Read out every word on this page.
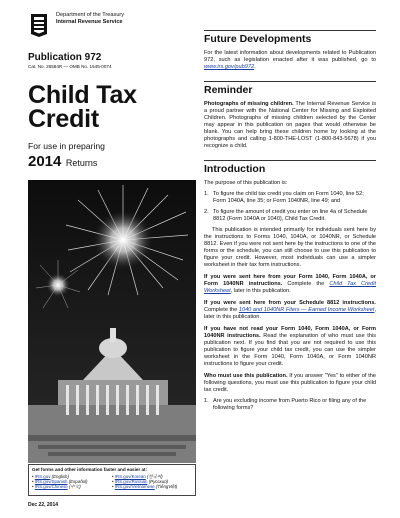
Department of the Treasury
Internal Revenue Service
Publication 972
Cat. No. 26584R — OMB No. 1545-0074
Child Tax
Credit
For use in preparing
2014 Returns
Get forms and other information faster and easier at:
• IRS.gov (English)	• IRS.gov/Korean (한국어)
• IRS.gov/Spanish (Español)	• IRS.gov/Russian (Pусский)
• IRS.gov/Chinese (中文)	• IRS.gov/Vietnamese (TiếngViệt)
Dec 22, 2014
Future Developments
For the latest information about developments related to Publication 972, such as legislation enacted after it was published, go to www.irs.gov/pub972.
Reminder
Photographs of missing children. The Internal Revenue Service is a proud partner with the National Center for Missing and Exploited Children. Photographs of missing children selected by the Center may appear in this publication on pages that would otherwise be blank. You can help bring these children home by looking at the photographs and calling 1-800-THE-LOST (1-800-843-5678) if you recognize a child.
Introduction
The purpose of this publication is:
1. To figure the child tax credit you claim on Form 1040, line 52; Form 1040A, line 35; or Form 1040NR, line 49; and
2. To figure the amount of credit you enter on line 4a of Schedule 8812 (Form 1040A or 1040), Child Tax Credit.
This publication is intended primarily for individuals sent here by the instructions to Forms 1040, 1040A, or 1040NR, or Schedule 8812. Even if you were not sent here by the instructions to one of the forms or the schedule, you can still choose to use this publication to figure your credit. However, most individuals can use a simpler worksheet in their tax form instructions.
If you were sent here from your Form 1040, Form 1040A, or Form 1040NR instructions. Complete the Child Tax Credit Worksheet, later in this publication.
If you were sent here from your Schedule 8812 instructions. Complete the 1040 and 1040NR Filers — Earned Income Worksheet, later in this publication.
If you have not read your Form 1040, Form 1040A, or Form 1040NR instructions. Read the explanation of who must use this publication next. If you find that you are not required to use this publication to figure your child tax credit, you can use the simpler worksheet in the Form 1040, Form 1040A, or Form 1040NR instructions to figure your credit.
Who must use this publication. If you answer "Yes" to either of the following questions, you must use this publication to figure your child tax credit.
1. Are you excluding income from Puerto Rico or filing any of the following forms?
